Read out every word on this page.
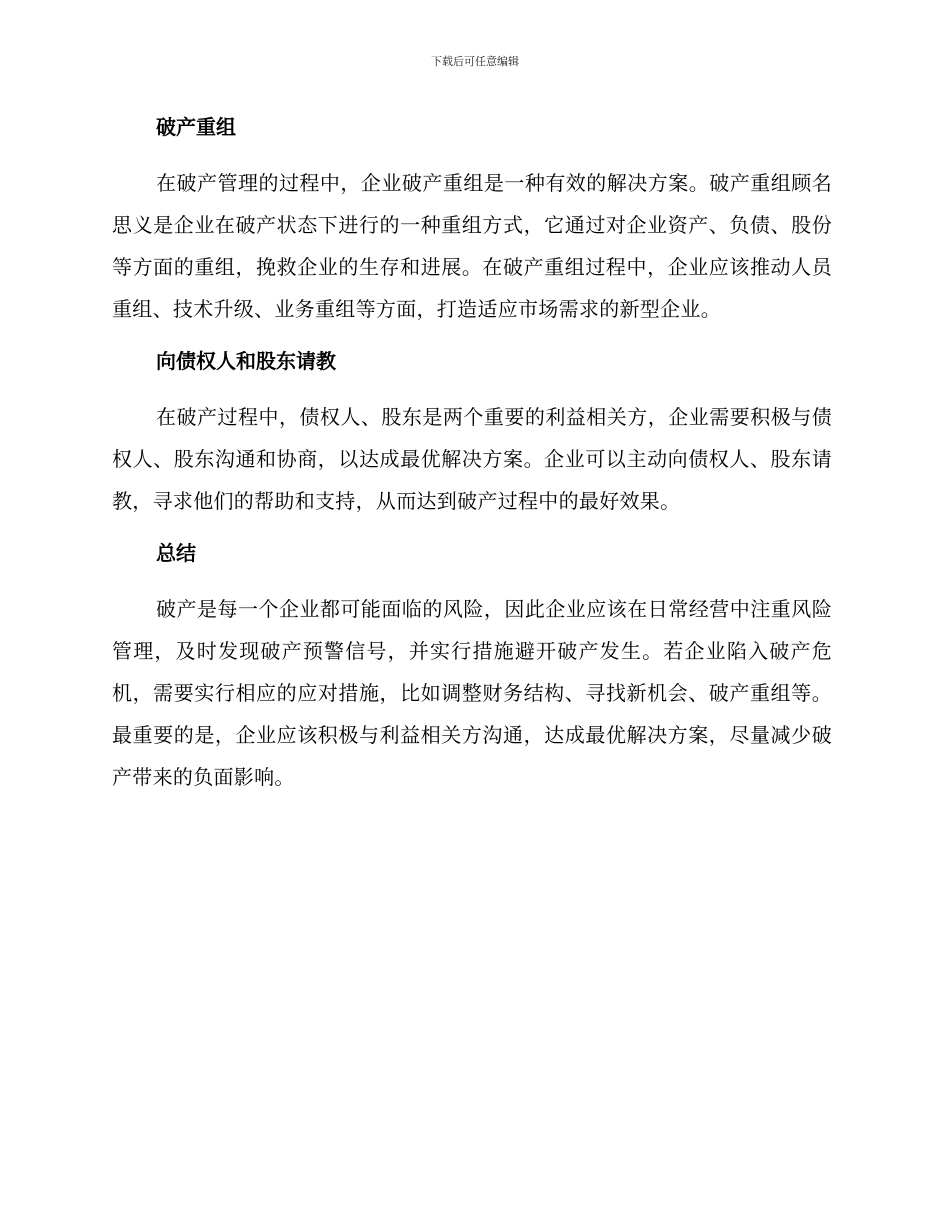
下载后可任意编辑
破产重组

在破产管理的过程中，企业破产重组是一种有效的解决方案。破产重组顾名思义是企业在破产状态下进行的一种重组方式，它通过对企业资产、负债、股份等方面的重组，挽救企业的生存和进展。在破产重组过程中，企业应该推动人员重组、技术升级、业务重组等方面，打造适应市场需求的新型企业。

向债权人和股东请教

在破产过程中，债权人、股东是两个重要的利益相关方，企业需要积极与债权人、股东沟通和协商，以达成最优解决方案。企业可以主动向债权人、股东请教，寻求他们的帮助和支持，从而达到破产过程中的最好效果。

总结

破产是每一个企业都可能面临的风险，因此企业应该在日常经营中注重风险管理，及时发现破产预警信号，并实行措施避开破产发生。若企业陷入破产危机，需要实行相应的应对措施，比如调整财务结构、寻找新机会、破产重组等。最重要的是，企业应该积极与利益相关方沟通，达成最优解决方案，尽量减少破产带来的负面影响。
